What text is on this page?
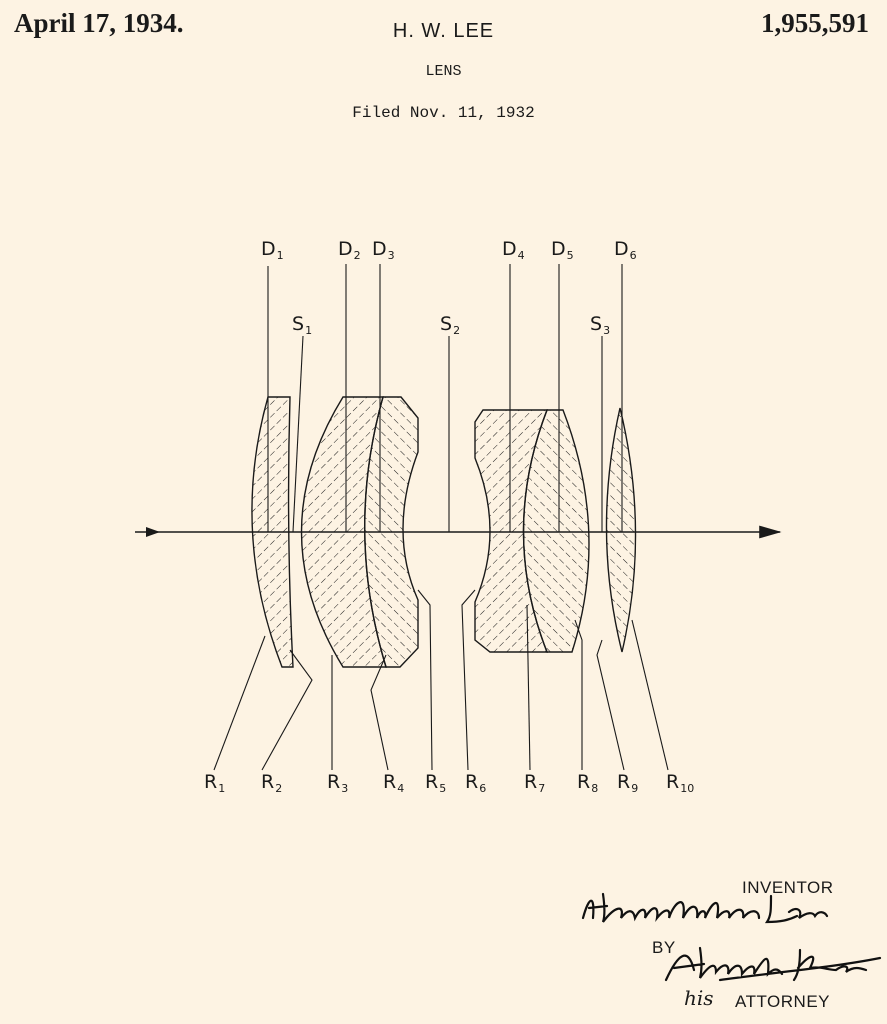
April 17, 1934.	H. W. LEE	1,955,591
LENS
Filed Nov. 11, 1932
$D_1$	$D_2$ $D_3$	$D_4$ $D_5$ $D_6$
$S_1$	$S_2$	$S_3$
$R_1$ $R_2$ $R_3$ $R_4$ $R_5$ $R_6$ $R_7$ $R_8$ $R_9$ $R_{10}$
INVENTOR
BY
his ATTORNEY
